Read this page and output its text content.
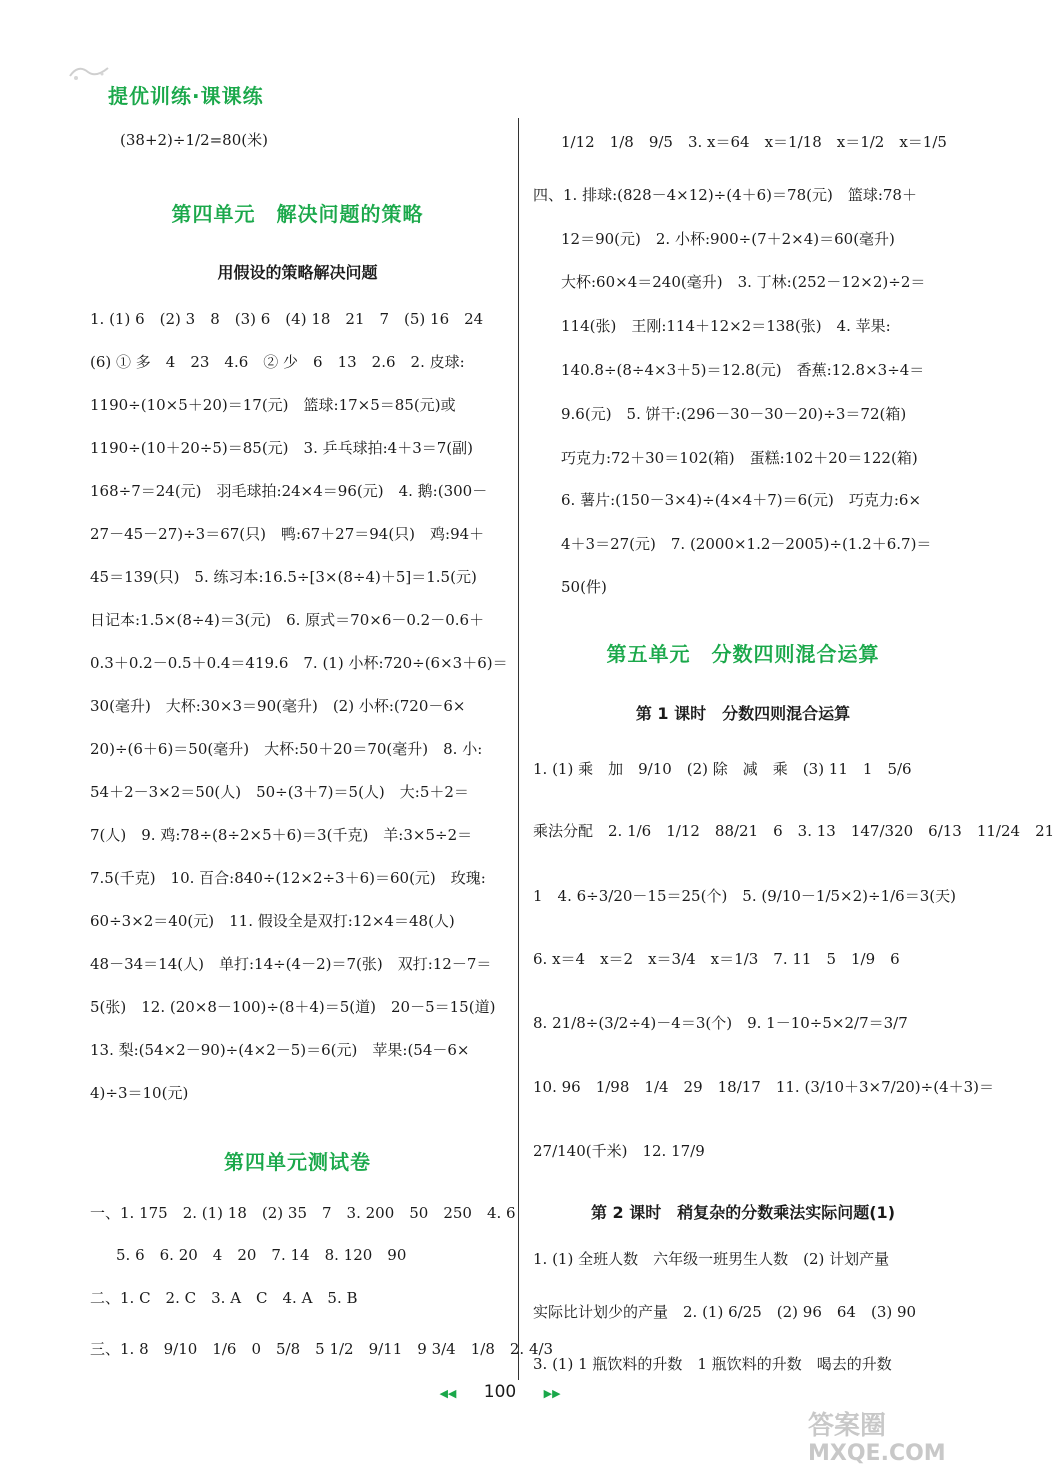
提优训练·课课练
(38+2)÷1/2=80(米)
第四单元　解决问题的策略
用假设的策略解决问题
1. (1) 6　(2) 3　8　(3) 6　(4) 18　21　7　(5) 16　24
(6) ① 多　4　23　4.6　② 少　6　13　2.6　2. 皮球:
1190÷(10×5＋20)＝17(元)　篮球:17×5＝85(元)或
1190÷(10＋20÷5)＝85(元)　3. 乒乓球拍:4＋3＝7(副)
168÷7＝24(元)　羽毛球拍:24×4＝96(元)　4. 鹅:(300－
27－45－27)÷3＝67(只)　鸭:67＋27＝94(只)　鸡:94＋
45＝139(只)　5. 练习本:16.5÷[3×(8÷4)＋5]＝1.5(元)
日记本:1.5×(8÷4)＝3(元)　6. 原式＝70×6－0.2－0.6＋
0.3＋0.2－0.5＋0.4＝419.6　7. (1) 小杯:720÷(6×3＋6)＝
30(毫升)　大杯:30×3＝90(毫升)　(2) 小杯:(720－6×
20)÷(6＋6)＝50(毫升)　大杯:50＋20＝70(毫升)　8. 小:
54＋2－3×2＝50(人)　50÷(3＋7)＝5(人)　大:5＋2＝
7(人)　9. 鸡:78÷(8÷2×5＋6)＝3(千克)　羊:3×5÷2＝
7.5(千克)　10. 百合:840÷(12×2÷3＋6)＝60(元)　玫瑰:
60÷3×2＝40(元)　11. 假设全是双打:12×4＝48(人)
48－34＝14(人)　单打:14÷(4－2)＝7(张)　双打:12－7＝
5(张)　12. (20×8－100)÷(8＋4)＝5(道)　20－5＝15(道)
13. 梨:(54×2－90)÷(4×2－5)＝6(元)　苹果:(54－6×
4)÷3＝10(元)
第四单元测试卷
一、1. 175　2. (1) 18　(2) 35　7　3. 200　50　250　4. 6
5. 6　6. 20　4　20　7. 14　8. 120　90
二、1. C　2. C　3. A　C　4. A　5. B
三、1. 8　9/10　1/6　0　5/8　5 1/2　9/11　9 3/4　1/8　2. 4/3
1/12　1/8　9/5　3. x＝64　x＝1/18　x＝1/2　x＝1/5
四、1. 排球:(828－4×12)÷(4＋6)＝78(元)　篮球:78＋
12＝90(元)　2. 小杯:900÷(7＋2×4)＝60(毫升)
大杯:60×4＝240(毫升)　3. 丁林:(252－12×2)÷2＝
114(张)　王刚:114＋12×2＝138(张)　4. 苹果:
140.8÷(8÷4×3＋5)＝12.8(元)　香蕉:12.8×3÷4＝
9.6(元)　5. 饼干:(296－30－30－20)÷3＝72(箱)
巧克力:72＋30＝102(箱)　蛋糕:102＋20＝122(箱)
6. 薯片:(150－3×4)÷(4×4＋7)＝6(元)　巧克力:6×
4＋3＝27(元)　7. (2000×1.2－2005)÷(1.2＋6.7)＝
50(件)
第五单元　分数四则混合运算
第 1 课时　分数四则混合运算
1. (1) 乘　加　9/10　(2) 除　减　乘　(3) 11　1　5/6
乘法分配　2. 1/6　1/12　88/21　6　3. 13　147/320　6/13　11/24　21
1　4. 6÷3/20－15＝25(个)　5. (9/10－1/5×2)÷1/6＝3(天)
6. x＝4　x＝2　x＝3/4　x＝1/3　7. 11　5　1/9　6
8. 21/8÷(3/2÷4)－4＝3(个)　9. 1－10÷5×2/7＝3/7
10. 96　1/98　1/4　29　18/17　11. (3/10＋3×7/20)÷(4＋3)＝
27/140(千米)　12. 17/9
第 2 课时　稍复杂的分数乘法实际问题(1)
1. (1) 全班人数　六年级一班男生人数　(2) 计划产量
实际比计划少的产量　2. (1) 6/25　(2) 96　64　(3) 90
3. (1) 1 瓶饮料的升数　1 瓶饮料的升数　喝去的升数
◀◀ 100 ▶▶
答案圈
MXQE.COM
